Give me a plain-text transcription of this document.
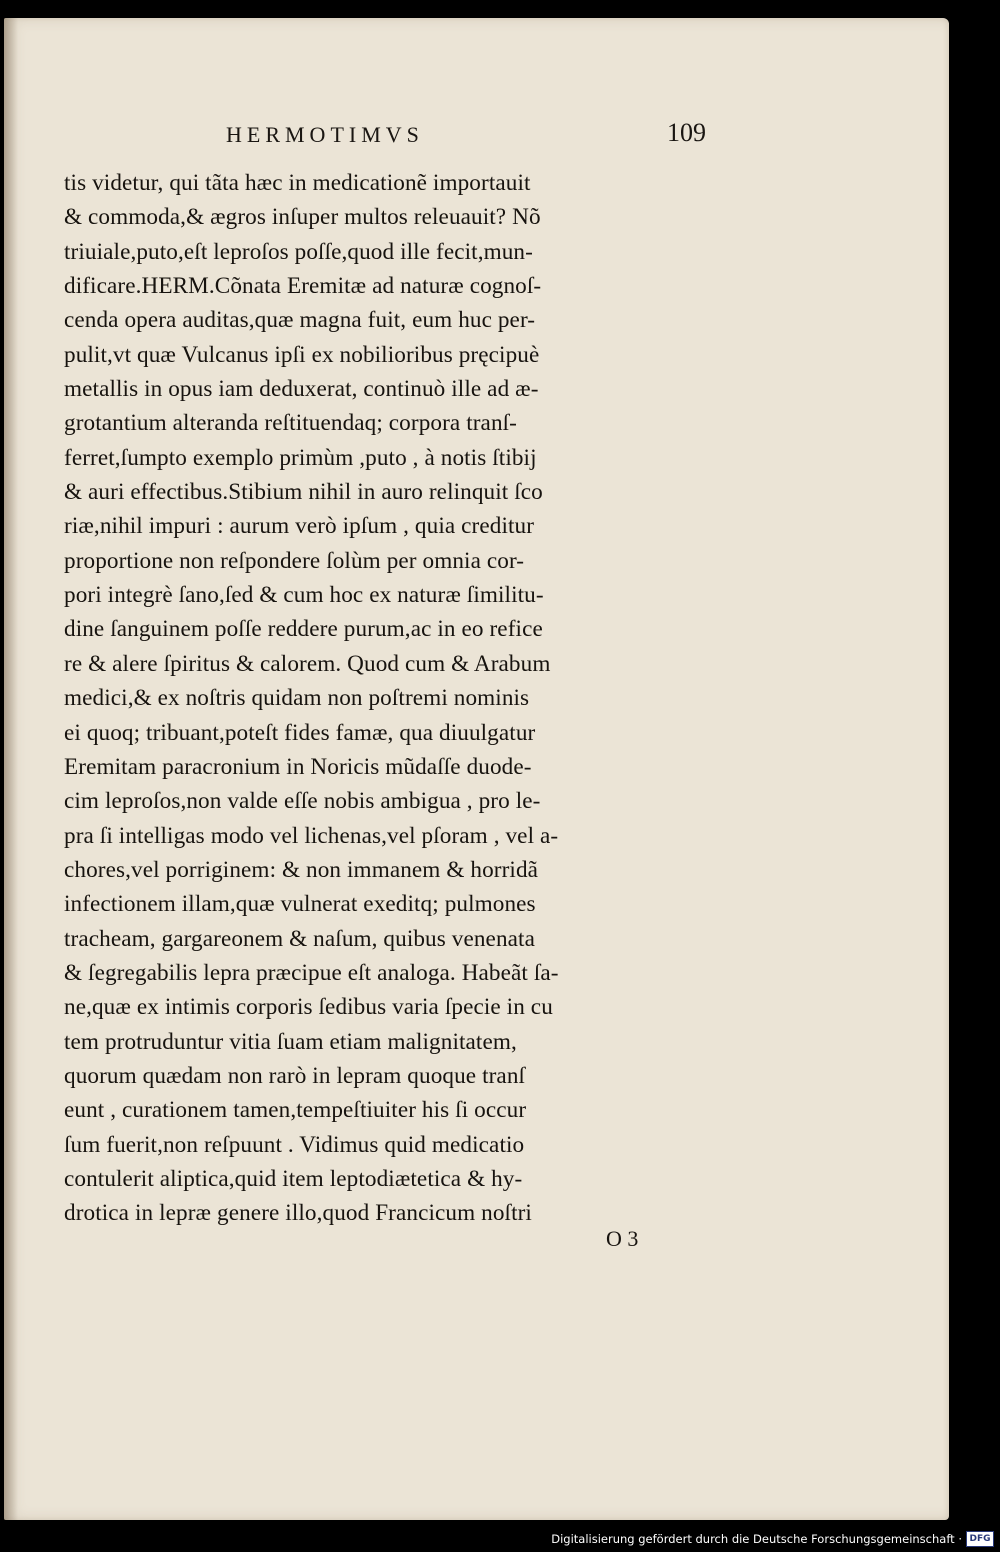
HERMOTIMVS	109
tis videtur, qui tãta hæc in medicationẽ importauit
& commoda,& ægros inſuper multos releuauit? Nõ
triuiale,puto,eſt leproſos poſſe,quod ille fecit,mun-
dificare.HERM.Cõnata Eremitæ ad naturæ cognoſ-
cenda opera auditas,quæ magna fuit, eum huc per-
pulit,vt quæ Vulcanus ipſi ex nobilioribus pręcipuè
metallis in opus iam deduxerat, continuò ille ad æ-
grotantium alteranda reſtituendaq; corpora tranſ-
ferret,ſumpto exemplo primùm ,puto , à notis ſtibij
& auri effectibus.Stibium nihil in auro relinquit ſco
riæ,nihil impuri : aurum verò ipſum , quia creditur
proportione non reſpondere ſolùm per omnia cor-
pori integrè ſano,ſed & cum hoc ex naturæ ſimilitu-
dine ſanguinem poſſe reddere purum,ac in eo refice
re & alere ſpiritus & calorem. Quod cum & Arabum
medici,& ex noſtris quidam non poſtremi nominis
ei quoq; tribuant,poteſt fides famæ, qua diuulgatur
Eremitam paracronium in Noricis mũdaſſe duode-
cim leproſos,non valde eſſe nobis ambigua , pro le-
pra ſi intelligas modo vel lichenas,vel pſoram , vel a-
chores,vel porriginem: & non immanem & horridã
infectionem illam,quæ vulnerat exeditq; pulmones
tracheam, gargareonem & naſum, quibus venenata
& ſegregabilis lepra præcipue eſt analoga. Habeãt ſa-
ne,quæ ex intimis corporis ſedibus varia ſpecie in cu
tem protruduntur vitia ſuam etiam malignitatem,
quorum quædam non rarò in lepram quoque tranſ
eunt , curationem tamen,tempeſtiuiter his ſi occur
ſum fuerit,non reſpuunt . Vidimus quid medicatio
contulerit aliptica,quid item leptodiætetica & hy-
drotica in lepræ genere illo,quod Francicum noſtri
O 3
Digitalisierung gefördert durch die Deutsche Forschungsgemeinschaft · DFG
